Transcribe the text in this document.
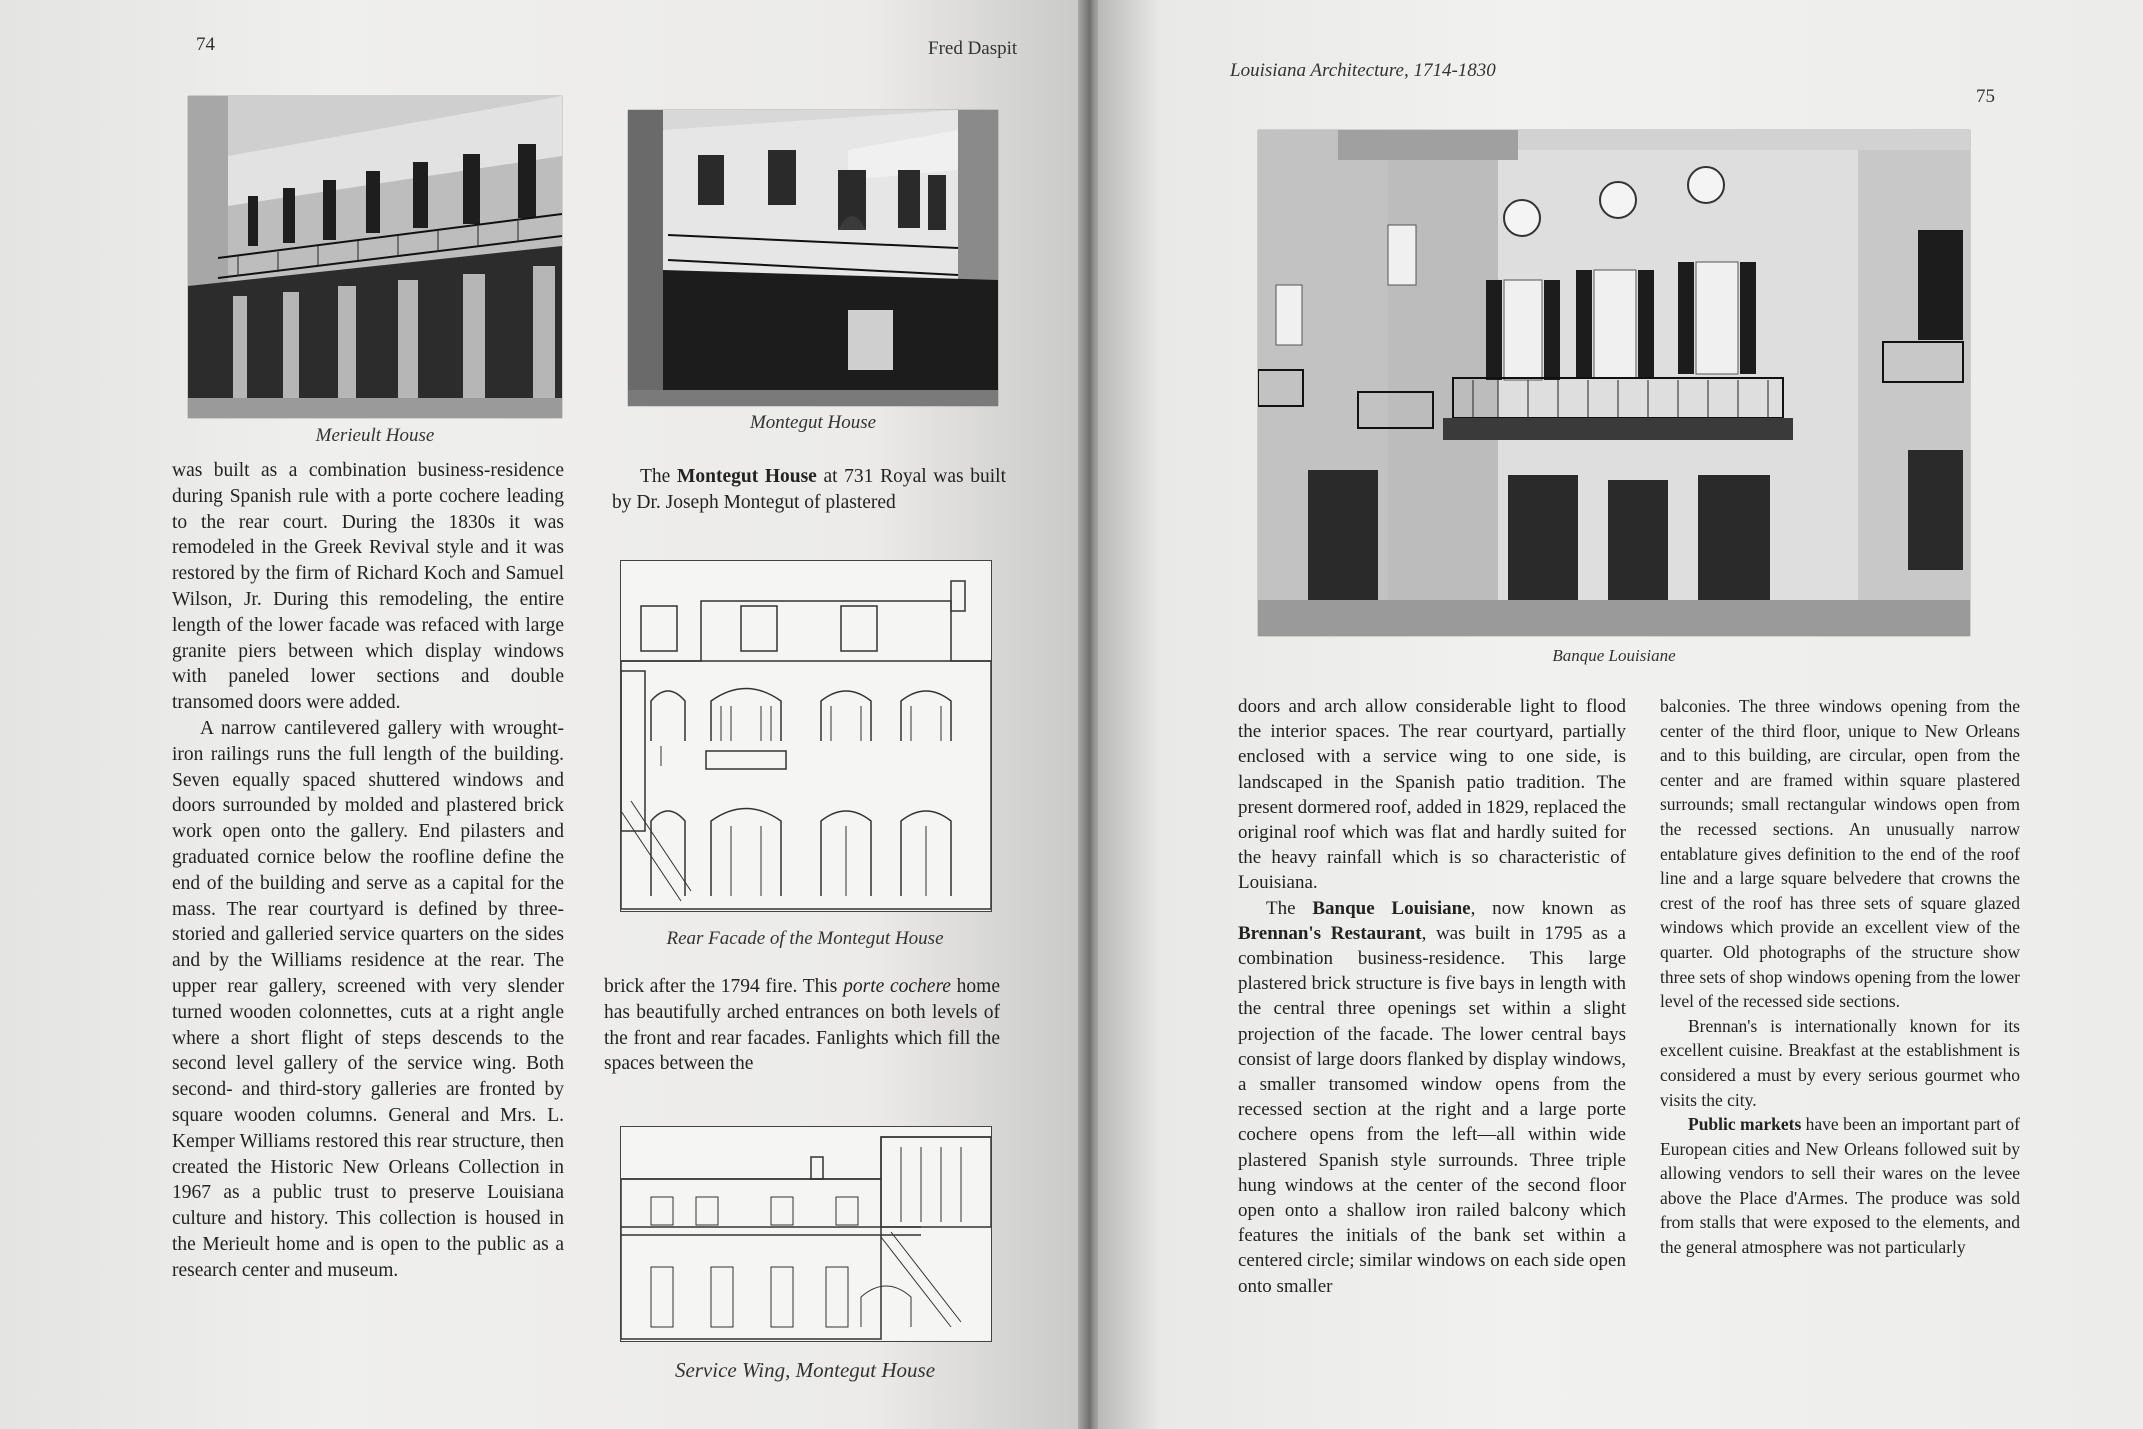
74	Fred Daspit
Merieult House
Montegut House

was built as a combination business-residence during Spanish rule with a porte cochere leading to the rear court. During the 1830s it was remodeled in the Greek Revival style and it was restored by the firm of Richard Koch and Samuel Wilson, Jr. During this remodeling, the entire length of the lower facade was refaced with large granite piers between which display windows with paneled lower sections and double transomed doors were added.

A narrow cantilevered gallery with wrought-iron railings runs the full length of the building. Seven equally spaced shuttered windows and doors surrounded by molded and plastered brick work open onto the gallery. End pilasters and graduated cornice below the roofline define the end of the building and serve as a capital for the mass. The rear courtyard is defined by three-storied and galleried service quarters on the sides and by the Williams residence at the rear. The upper rear gallery, screened with very slender turned wooden colonnettes, cuts at a right angle where a short flight of steps descends to the second level gallery of the service wing. Both second- and third-story galleries are fronted by square wooden columns. General and Mrs. L. Kemper Williams restored this rear structure, then created the Historic New Orleans Collection in 1967 as a public trust to preserve Louisiana culture and history. This collection is housed in the Merieult home and is open to the public as a research center and museum.

The Montegut House at 731 Royal was built by Dr. Joseph Montegut of plastered

Rear Facade of the Montegut House

brick after the 1794 fire. This porte cochere home has beautifully arched entrances on both levels of the front and rear facades. Fanlights which fill the spaces between the

Service Wing, Montegut House
Louisiana Architecture, 1714-1830
75
Banque Louisiane

doors and arch allow considerable light to flood the interior spaces. The rear courtyard, partially enclosed with a service wing to one side, is landscaped in the Spanish patio tradition. The present dormered roof, added in 1829, replaced the original roof which was flat and hardly suited for the heavy rainfall which is so characteristic of Louisiana.

The Banque Louisiane, now known as Brennan's Restaurant, was built in 1795 as a combination business-residence. This large plastered brick structure is five bays in length with the central three openings set within a slight projection of the facade. The lower central bays consist of large doors flanked by display windows, a smaller transomed window opens from the recessed section at the right and a large porte cochere opens from the left—all within wide plastered Spanish style surrounds. Three triple hung windows at the center of the second floor open onto a shallow iron railed balcony which features the initials of the bank set within a centered circle; similar windows on each side open onto smaller

balconies. The three windows opening from the center of the third floor, unique to New Orleans and to this building, are circular, open from the center and are framed within square plastered surrounds; small rectangular windows open from the recessed sections. An unusually narrow entablature gives definition to the end of the roof line and a large square belvedere that crowns the crest of the roof has three sets of square glazed windows which provide an excellent view of the quarter. Old photographs of the structure show three sets of shop windows opening from the lower level of the recessed side sections.

Brennan's is internationally known for its excellent cuisine. Breakfast at the establishment is considered a must by every serious gourmet who visits the city.

Public markets have been an important part of European cities and New Orleans followed suit by allowing vendors to sell their wares on the levee above the Place d'Armes. The produce was sold from stalls that were exposed to the elements, and the general atmosphere was not particularly
